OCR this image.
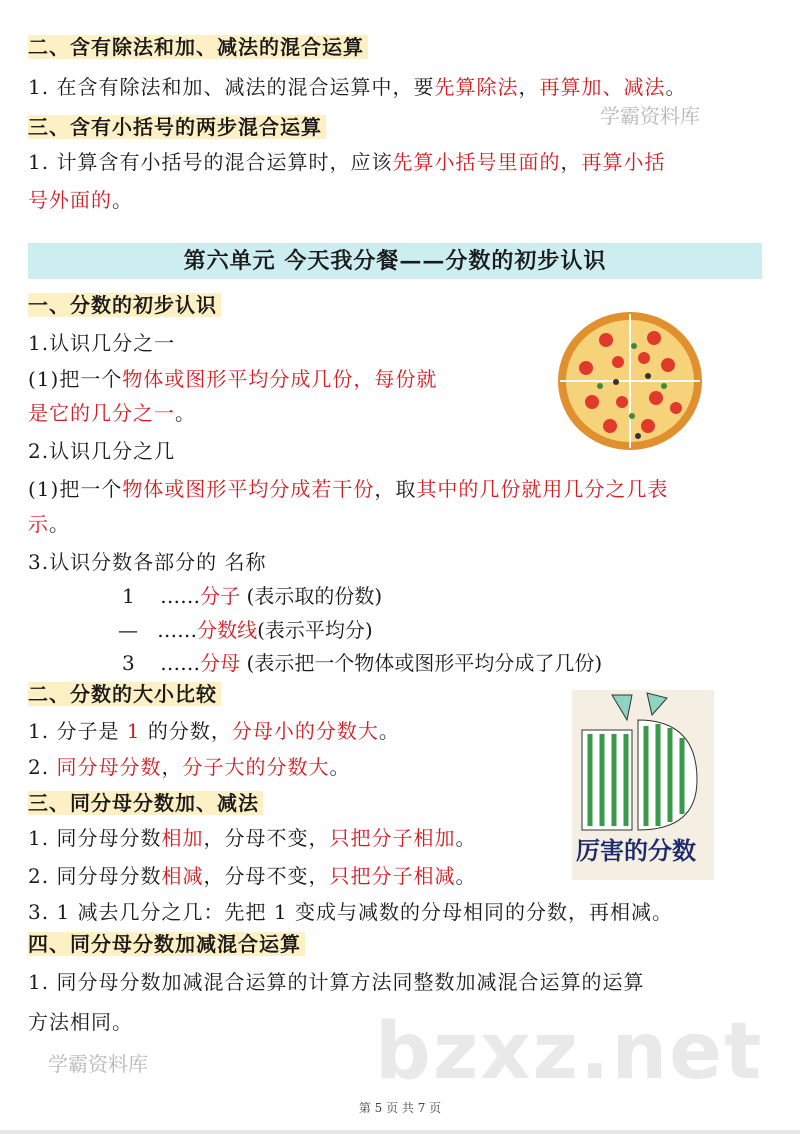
二、含有除法和加、减法的混合运算
1. 在含有除法和加、减法的混合运算中，要先算除法，再算加、减法。
三、含有小括号的两步混合运算
1. 计算含有小括号的混合运算时，应该先算小括号里面的，再算小括
号外面的。
一、分数的初步认识
1.认识几分之一
(1)把一个物体或图形平均分成几份，每份就
是它的几分之一。
2.认识几分之几
(1)把一个物体或图形平均分成若干份，取其中的几份就用几分之几表
示。
3.认识分数各部分的 名称
二、分数的大小比较
1. 分子是 1 的分数，分母小的分数大。
2. 同分母分数，分子大的分数大。
三、同分母分数加、减法
1. 同分母分数相加，分母不变，只把分子相加。
2. 同分母分数相减，分母不变，只把分子相减。
3. 1 减去几分之几：先把 1 变成与减数的分母相同的分数，再相减。
四、同分母分数加减混合运算
1. 同分母分数加减混合运算的计算方法同整数加减混合运算的运算
方法相同。
第六单元 今天我分餐——分数的初步认识
1 ……分子 (表示取的份数)
— ……分数线(表示平均分)
3 ……分母 (表示把一个物体或图形平均分成了几份)
厉害的分数
学霸资料库
学霸资料库	bzxz.net
第 5 页 共 7 页
